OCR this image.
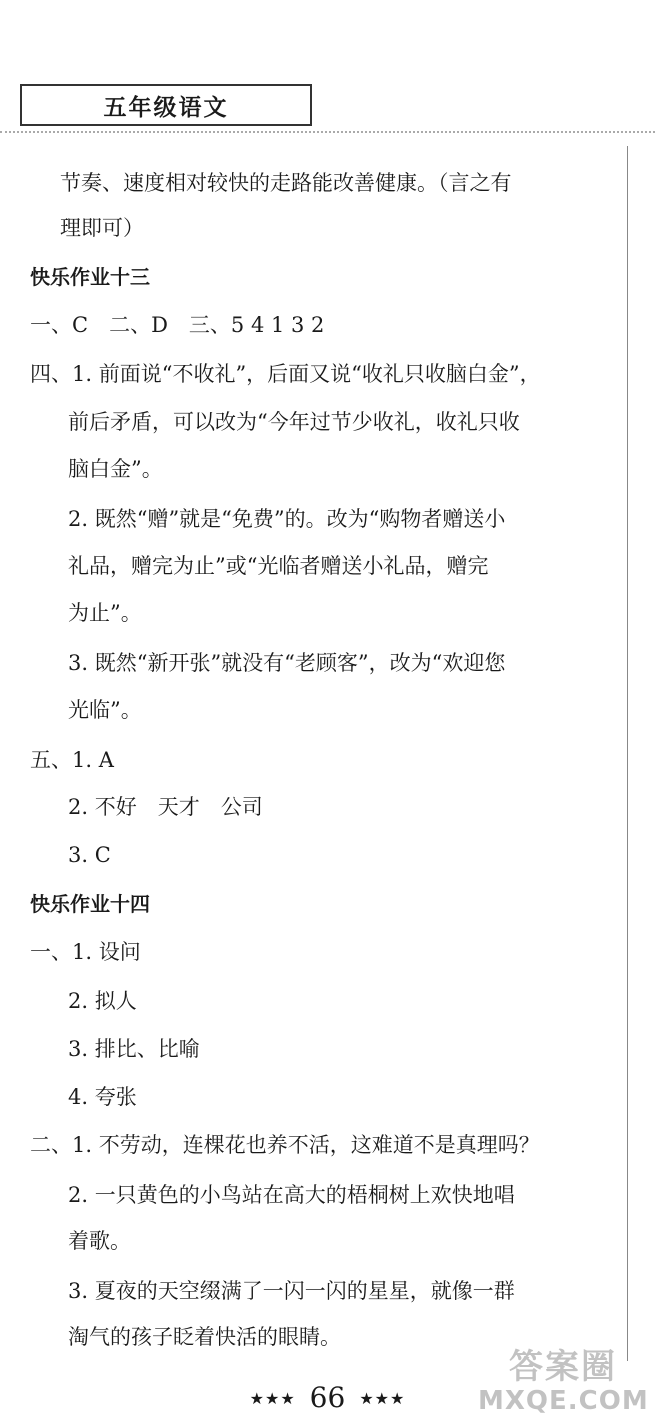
五年级语文
节奏、速度相对较快的走路能改善健康。（言之有
理即可）
快乐作业十三
一、C　二、D　三、5 4 1 3 2
四、1. 前面说“不收礼”，后面又说“收礼只收脑白金”，
前后矛盾，可以改为“今年过节少收礼，收礼只收
脑白金”。
2. 既然“赠”就是“免费”的。改为“购物者赠送小
礼品，赠完为止”或“光临者赠送小礼品，赠完
为止”。
3. 既然“新开张”就没有“老顾客”，改为“欢迎您
光临”。
五、1. A
2. 不好　天才　公司
3. C
快乐作业十四
一、1. 设问
2. 拟人
3. 排比、比喻
4. 夸张
二、1. 不劳动，连棵花也养不活，这难道不是真理吗？
2. 一只黄色的小鸟站在高大的梧桐树上欢快地唱
着歌。
3. 夏夜的天空缀满了一闪一闪的星星，就像一群
淘气的孩子眨着快活的眼睛。
★★★ 66 ★★★
答案圈
MXQE.COM
